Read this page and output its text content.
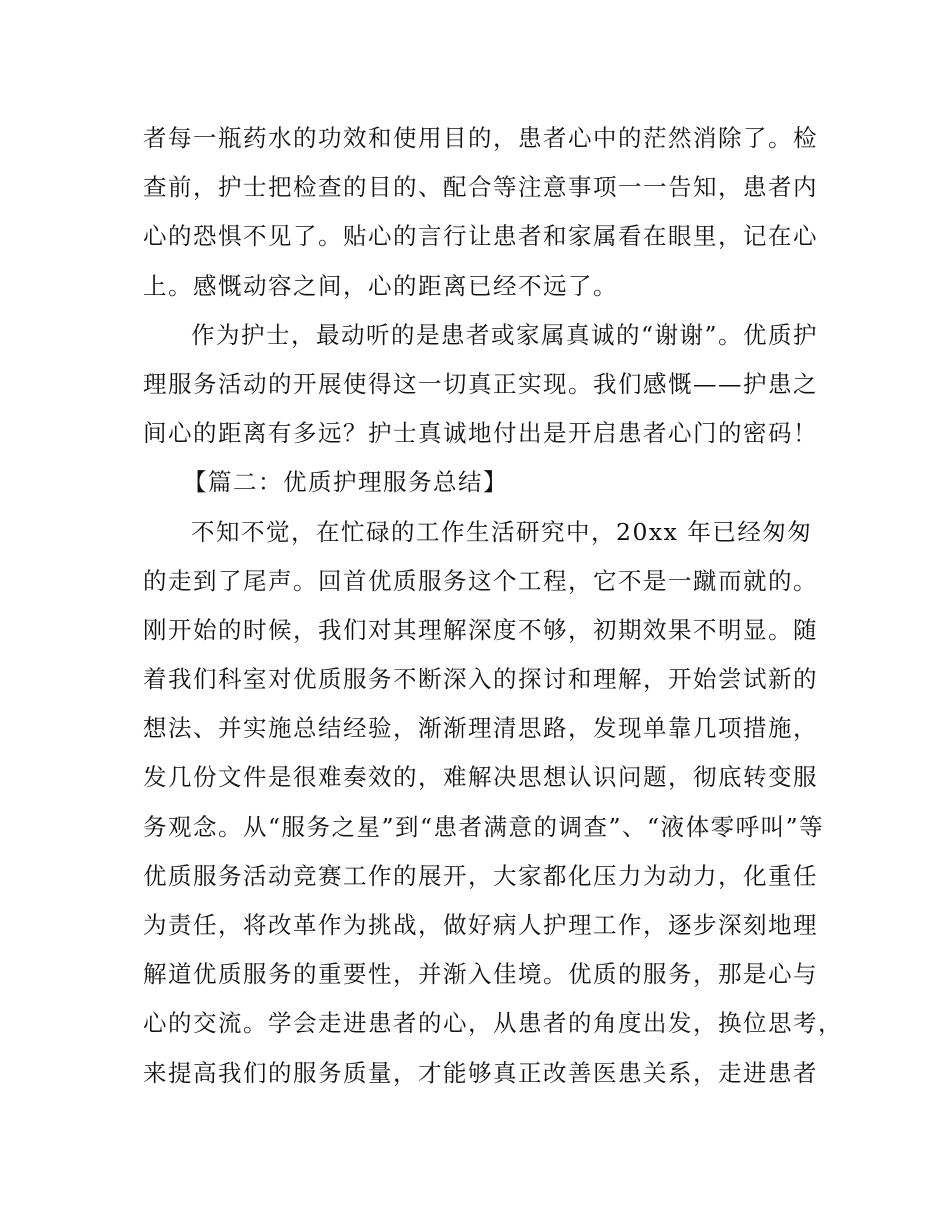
者每一瓶药水的功效和使用目的，患者心中的茫然消除了。检
查前，护士把检查的目的、配合等注意事项一一告知，患者内
心的恐惧不见了。贴心的言行让患者和家属看在眼里，记在心
上。感慨动容之间，心的距离已经不远了。
作为护士，最动听的是患者或家属真诚的“谢谢”。优质护
理服务活动的开展使得这一切真正实现。我们感慨——护患之
间心的距离有多远？护士真诚地付出是开启患者心门的密码！
【篇二：优质护理服务总结】
不知不觉，在忙碌的工作生活研究中，20xx 年已经匆匆
的走到了尾声。回首优质服务这个工程，它不是一蹴而就的。
刚开始的时候，我们对其理解深度不够，初期效果不明显。随
着我们科室对优质服务不断深入的探讨和理解，开始尝试新的
想法、并实施总结经验，渐渐理清思路，发现单靠几项措施，
发几份文件是很难奏效的，难解决思想认识问题，彻底转变服
务观念。从“服务之星”到“患者满意的调查”、“液体零呼叫”等
优质服务活动竞赛工作的展开，大家都化压力为动力，化重任
为责任，将改革作为挑战，做好病人护理工作，逐步深刻地理
解道优质服务的重要性，并渐入佳境。优质的服务，那是心与
心的交流。学会走进患者的心，从患者的角度出发，换位思考，
来提高我们的服务质量，才能够真正改善医患关系，走进患者
